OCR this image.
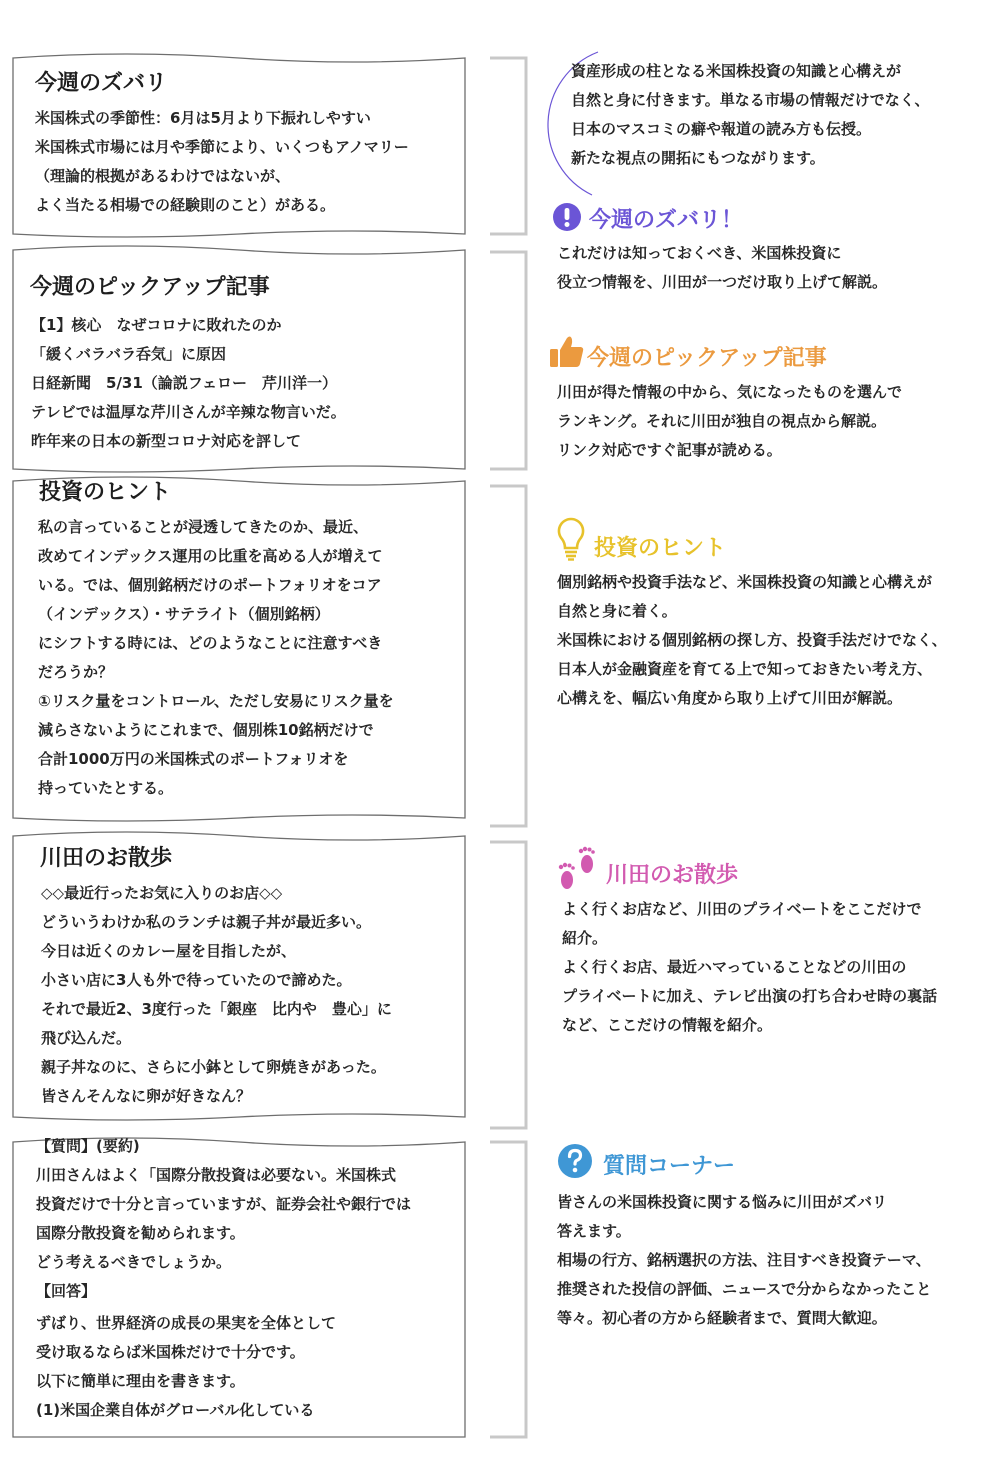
資産形成の柱となる米国株投資の知識と心構えが
自然と身に付きます。単なる市場の情報だけでなく、
日本のマスコミの癖や報道の読み方も伝授。
新たな視点の開拓にもつながります。
今週のズバリ
米国株式の季節性：6月は5月より下振れしやすい
米国株式市場には月や季節により、いくつもアノマリー
（理論的根拠があるわけではないが、
よく当たる相場での経験則のこと）がある。
今週のピックアップ記事
【1】核心　なぜコロナに敗れたのか
「緩くバラバラ呑気」に原因
日経新聞　5/31（論説フェロー　芹川洋一）
テレビでは温厚な芹川さんが辛辣な物言いだ。
昨年来の日本の新型コロナ対応を評して
投資のヒント
私の言っていることが浸透してきたのか、最近、
改めてインデックス運用の比重を高める人が増えて
いる。では、個別銘柄だけのポートフォリオをコア
（インデックス）・サテライト（個別銘柄）
にシフトする時には、どのようなことに注意すべき
だろうか？
①リスク量をコントロール、ただし安易にリスク量を
減らさないようにこれまで、個別株10銘柄だけで
合計1000万円の米国株式のポートフォリオを
持っていたとする。
川田のお散歩
◇◇最近行ったお気に入りのお店◇◇
どういうわけか私のランチは親子丼が最近多い。
今日は近くのカレー屋を目指したが、
小さい店に3人も外で待っていたので諦めた。
それで最近2、3度行った「銀座　比内や　豊心」に
飛び込んだ。
親子丼なのに、さらに小鉢として卵焼きがあった。
皆さんそんなに卵が好きなん？
【質問】(要約)
川田さんはよく「国際分散投資は必要ない。米国株式
投資だけで十分と言っていますが、証券会社や銀行では
国際分散投資を勧められます。
どう考えるべきでしょうか。
【回答】
ずばり、世界経済の成長の果実を全体として
受け取るならば米国株だけで十分です。
以下に簡単に理由を書きます。
(1)米国企業自体がグローバル化している
今週のズバリ！
これだけは知っておくべき、米国株投資に
役立つ情報を、川田が一つだけ取り上げて解説。
今週のピックアップ記事
川田が得た情報の中から、気になったものを選んで
ランキング。それに川田が独自の視点から解説。
リンク対応ですぐ記事が読める。
投資のヒント
個別銘柄や投資手法など、米国株投資の知識と心構えが
自然と身に着く。
米国株における個別銘柄の探し方、投資手法だけでなく、
日本人が金融資産を育てる上で知っておきたい考え方、
心構えを、幅広い角度から取り上げて川田が解説。
川田のお散歩
よく行くお店など、川田のプライベートをここだけで
紹介。
よく行くお店、最近ハマっていることなどの川田の
プライベートに加え、テレビ出演の打ち合わせ時の裏話
など、ここだけの情報を紹介。
質問コーナー
皆さんの米国株投資に関する悩みに川田がズバリ
答えます。
相場の行方、銘柄選択の方法、注目すべき投資テーマ、
推奨された投信の評価、ニュースで分からなかったこと
等々。初心者の方から経験者まで、質問大歓迎。
